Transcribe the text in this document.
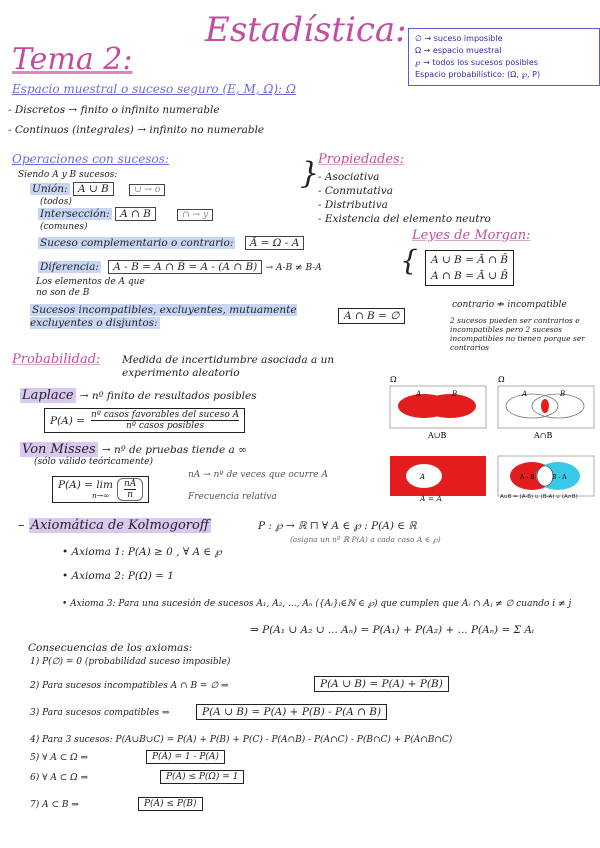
Estadística:
Tema 2:
∅ → suceso imposible
Ω → espacio muestral
℘ → todos los sucesos posibles
Espacio probabilístico: (Ω, ℘, P)
Espacio muestral o suceso seguro (E, M, Ω): Ω
- Discretos → finito o infinito numerable
- Continuos (integrales) → infinito no numerable
Operaciones con sucesos:
Siendo A y B sucesos:
Unión: A ∪ B	∪ → o
(todos)
Intersección: A ∩ B	∩ → y
(comunes)
Suceso complementario o contrario: Ā = Ω - A
Diferencia: A - B = A ∩ B̄ = A - (A ∩ B) → A-B ≠ B-A
Los elementos de A que no son de B
Sucesos incompatibles, excluyentes, mutuamente excluyentes o disjuntos:
A ∩ B = ∅
}
Propiedades:
- Asociativa
- Conmutativa
- Distributiva
- Existencia del elemento neutro
Leyes de Morgan:
{ A ∪ B = Ā ∩ B̄
A ∩ B = Ā ∪ B̄
contrario ⇏ incompatible
2 sucesos pueden ser contrarios e incompatibles pero 2 sucesos incompatibles no tienen porque ser contrarios
Probabilidad: Medida de incertidumbre asociada a un experimento aleatorio
Laplace → nº finito de resultados posibles
P(A) = nº casos favorables del suceso A
nº casos posibles
Von Misses → nº de pruebas tiende a ∞
(sólo válido teóricamente)
P(A) = lim
$n\to\infty \frac{nA}{n}$
nA → nº de veces que ocurre A
Frecuencia relativa
Ω
A	B
A∪B
Ω
A	B
A∩B
A	A - B	B - A
A = A	A∪B = (A-B) ∪ (B-A) ∪ (A∩B)
– Axiomática de Kolmogoroff	P : ℘ → ℝ ⊓ ∀ A ∈ ℘ : P(A) ∈ ℝ
(asigna un nº ℝ P(A) a cada caso A ∈ ℘)
• Axioma 1: P(A) ≥ 0 , ∀ A ∈ ℘
• Axioma 2: P(Ω) = 1
• Axioma 3: Para una sucesión de sucesos A₁, A₂, ..., Aₙ ({Aᵢ}ᵢ∈ℕ ∈ ℘) que cumplen que Aᵢ ∩ Aⱼ ≠ ∅ cuando i ≠ j
⇒ P(A₁ ∪ A₂ ∪ ... Aₙ) = P(A₁) + P(A₂) + ... P(Aₙ) = Σ Aᵢ
Consecuencias de los axiomas:
1) P(∅) = 0 (probabilidad suceso imposible)
2) Para sucesos incompatibles A ∩ B = ∅ ⇒	P(A ∪ B) = P(A) + P(B)
3) Para sucesos compatibles ⇒	P(A ∪ B) = P(A) + P(B) - P(A ∩ B)
4) Para 3 sucesos: P(A∪B∪C) = P(A) + P(B) + P(C) - P(A∩B) - P(A∩C) - P(B∩C) + P(A∩B∩C)
5) ∀ A ⊂ Ω ⇒	P(Ā) = 1 - P(A)
6) ∀ A ⊂ Ω ⇒	P(A) ≤ P(Ω) = 1
7) A ⊂ B ⇒	P(A) ≤ P(B)
